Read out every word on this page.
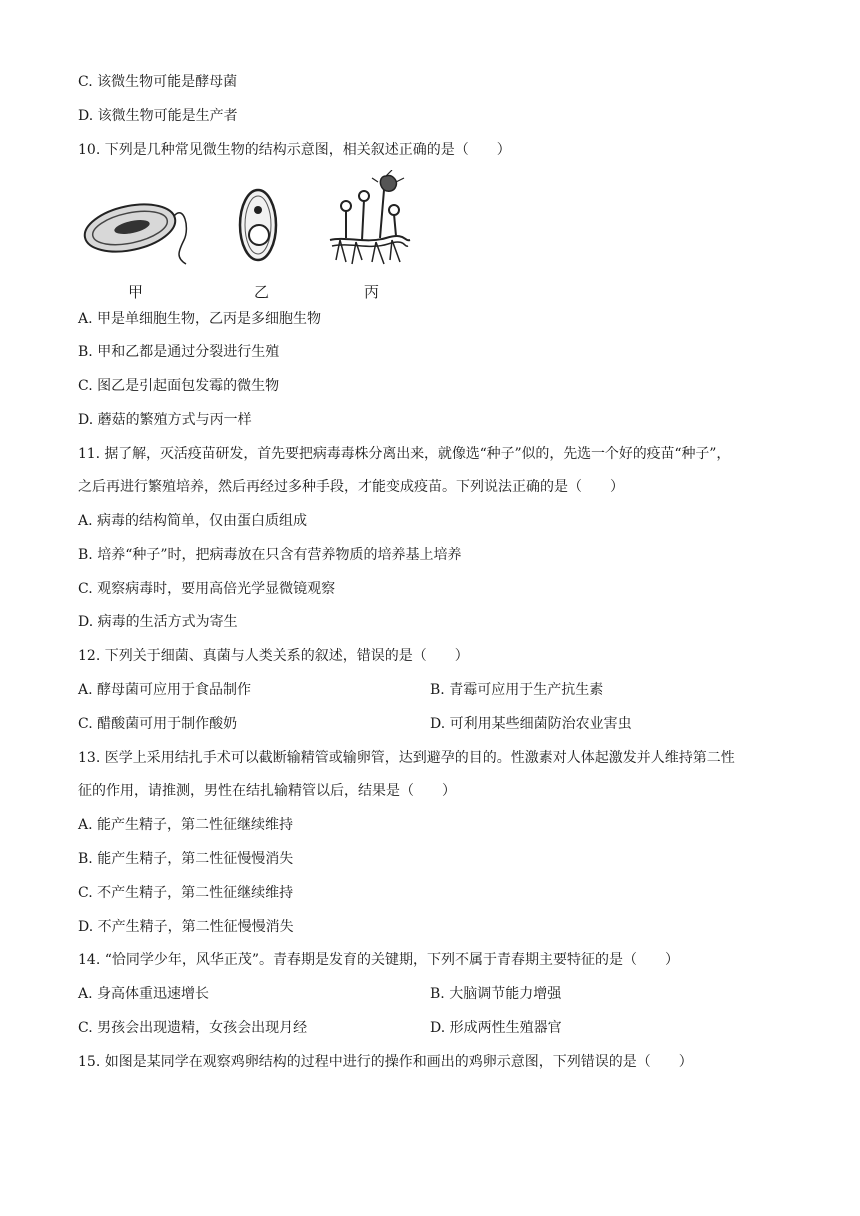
C. 该微生物可能是酵母菌
D. 该微生物可能是生产者
10. 下列是几种常见微生物的结构示意图，相关叙述正确的是（　　）
甲	乙	丙
A. 甲是单细胞生物，乙丙是多细胞生物
B. 甲和乙都是通过分裂进行生殖
C. 图乙是引起面包发霉的微生物
D. 蘑菇的繁殖方式与丙一样
11. 据了解，灭活疫苗研发，首先要把病毒毒株分离出来，就像选“种子”似的，先选一个好的疫苗“种子”，
之后再进行繁殖培养，然后再经过多种手段，才能变成疫苗。下列说法正确的是（　　）
A. 病毒的结构简单，仅由蛋白质组成
B. 培养“种子”时，把病毒放在只含有营养物质的培养基上培养
C. 观察病毒时，要用高倍光学显微镜观察
D. 病毒的生活方式为寄生
12. 下列关于细菌、真菌与人类关系的叙述，错误的是（　　）
A. 酵母菌可应用于食品制作	B. 青霉可应用于生产抗生素
C. 醋酸菌可用于制作酸奶	D. 可利用某些细菌防治农业害虫
13. 医学上采用结扎手术可以截断输精管或输卵管，达到避孕的目的。性激素对人体起激发并人维持第二性
征的作用，请推测，男性在结扎输精管以后，结果是（　　）
A. 能产生精子，第二性征继续维持
B. 能产生精子，第二性征慢慢消失
C. 不产生精子，第二性征继续维持
D. 不产生精子，第二性征慢慢消失
14. “恰同学少年，风华正茂”。青春期是发育的关键期，下列不属于青春期主要特征的是（　　）
A. 身高体重迅速增长	B. 大脑调节能力增强
C. 男孩会出现遗精，女孩会出现月经	D. 形成两性生殖器官
15. 如图是某同学在观察鸡卵结构的过程中进行的操作和画出的鸡卵示意图，下列错误的是（　　）
